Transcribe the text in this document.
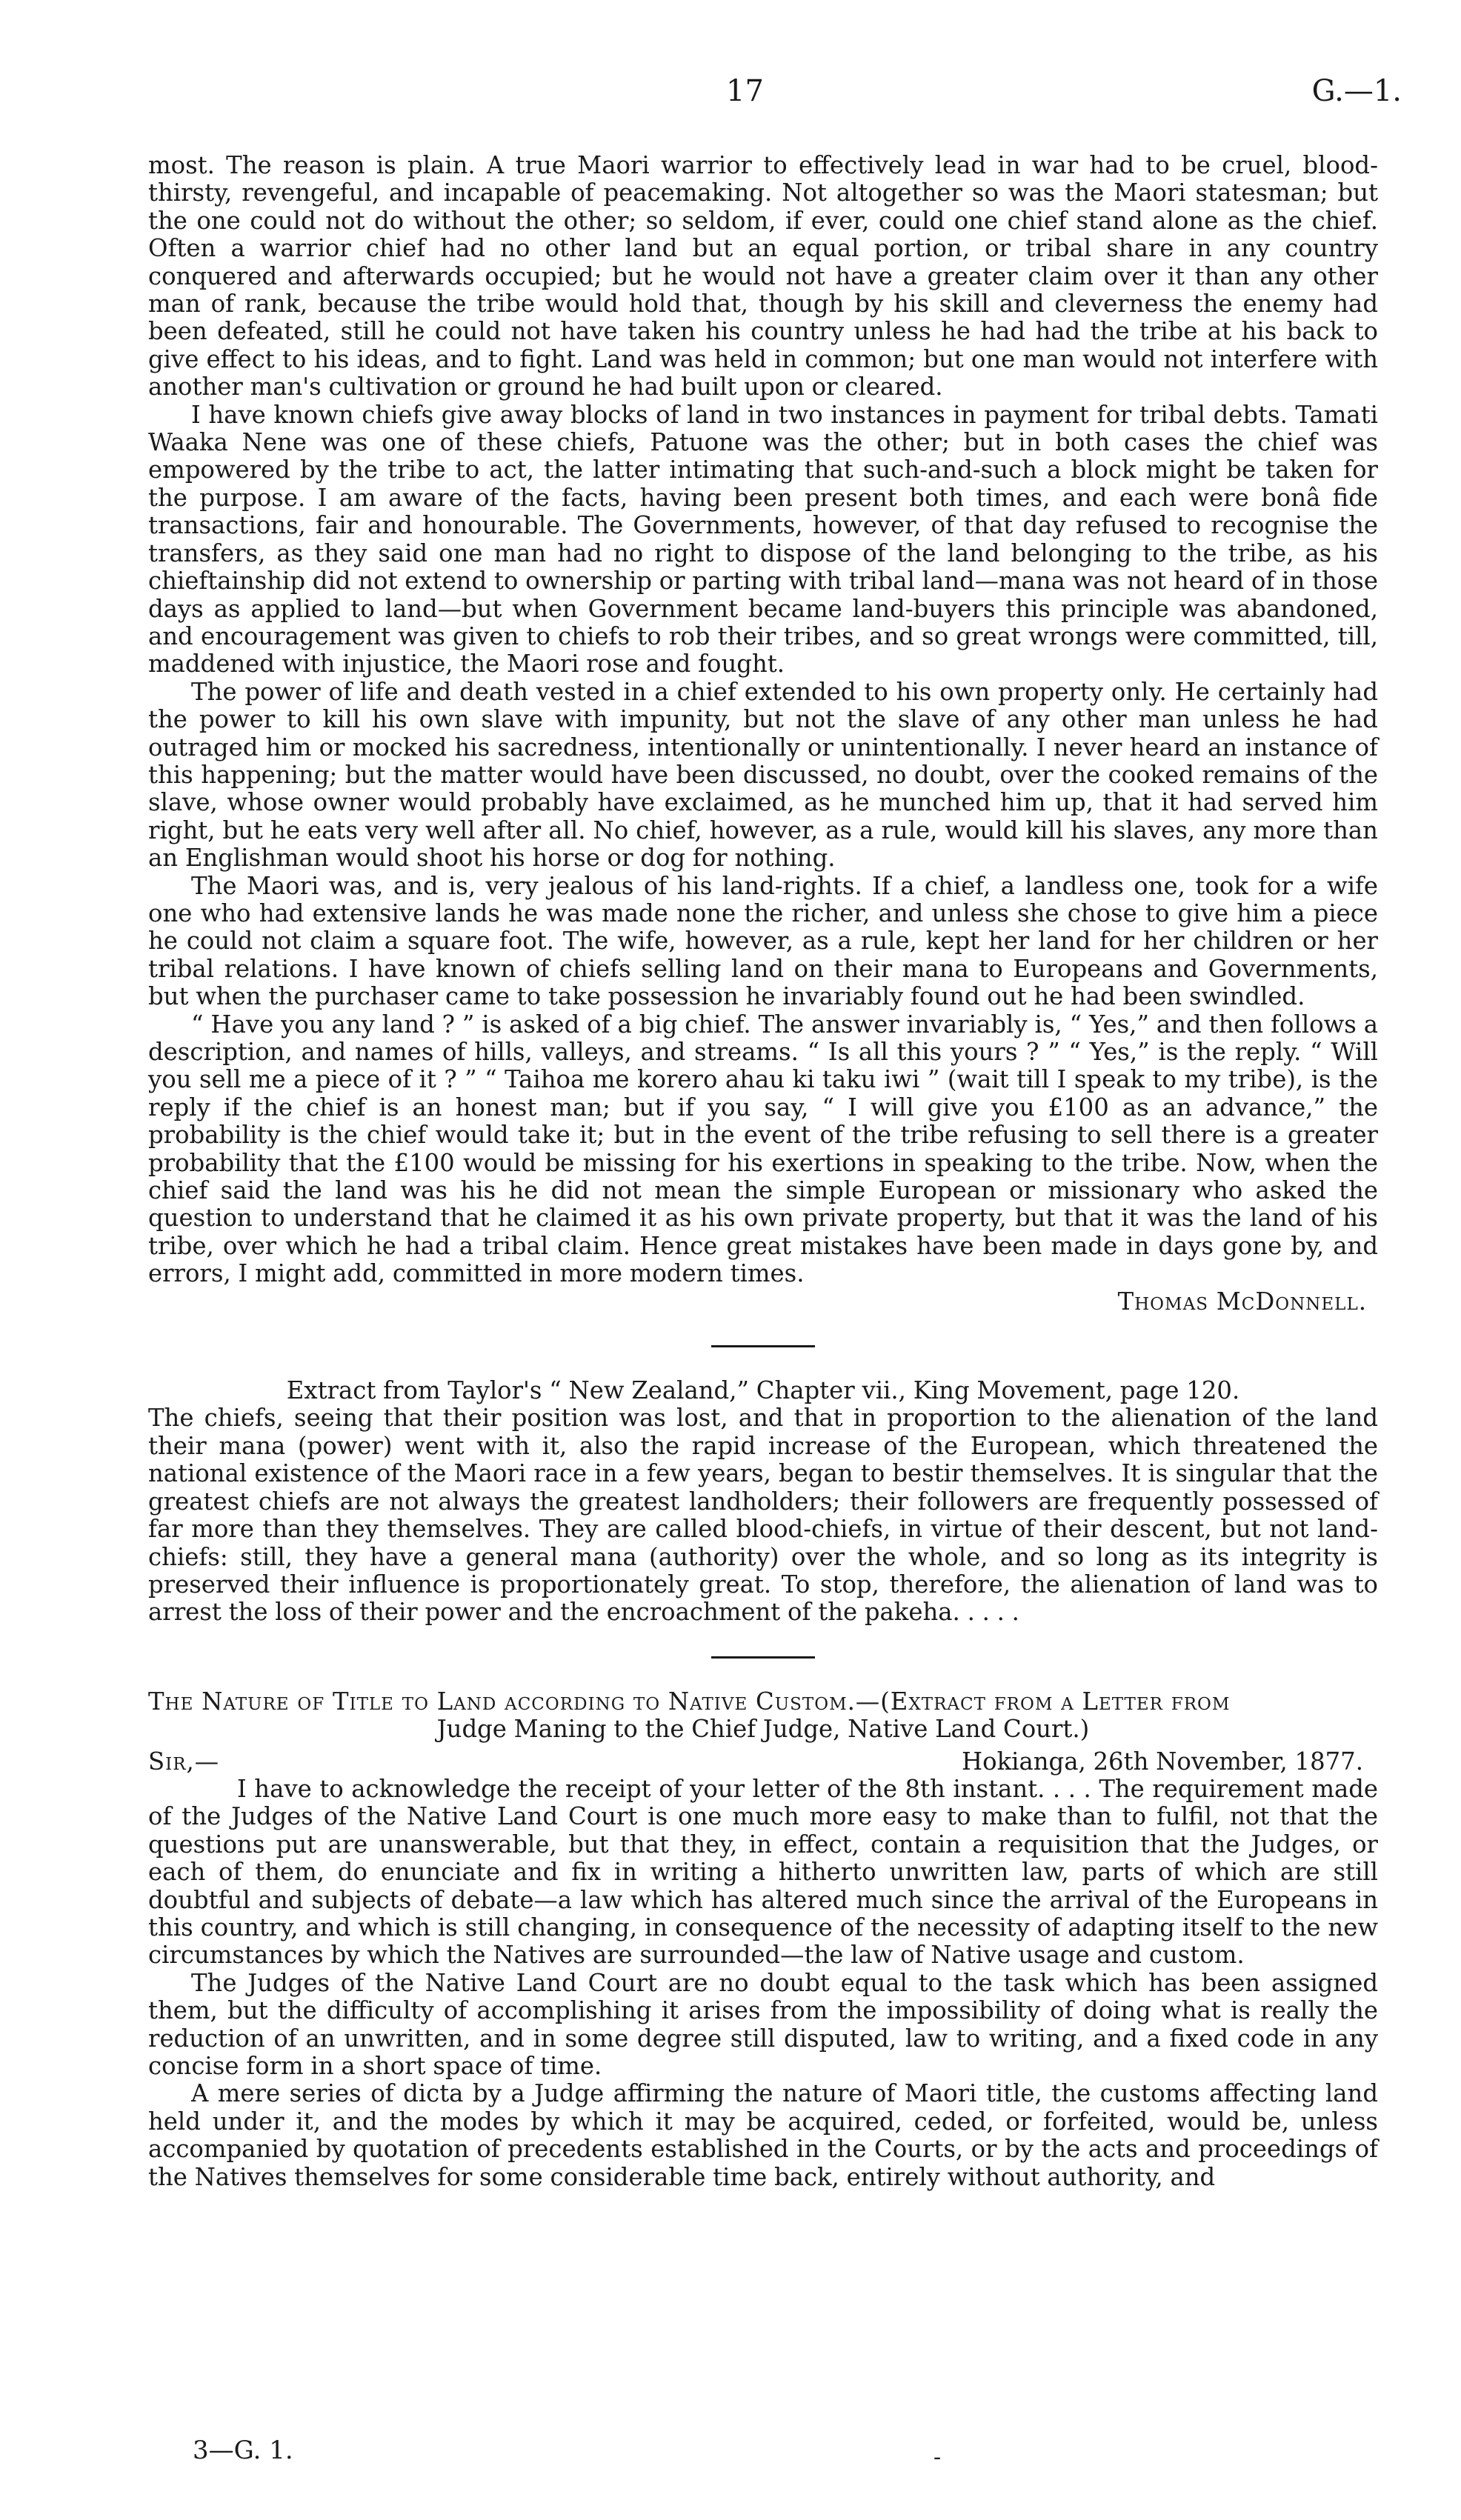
17	G.—1.

most. The reason is plain. A true Maori warrior to effectively lead in war had to be cruel, blood-thirsty, revengeful, and incapable of peacemaking. Not altogether so was the Maori statesman; but the one could not do without the other; so seldom, if ever, could one chief stand alone as the chief. Often a warrior chief had no other land but an equal portion, or tribal share in any country conquered and afterwards occupied; but he would not have a greater claim over it than any other man of rank, because the tribe would hold that, though by his skill and cleverness the enemy had been defeated, still he could not have taken his country unless he had had the tribe at his back to give effect to his ideas, and to fight. Land was held in common; but one man would not interfere with another man's cultivation or ground he had built upon or cleared.

I have known chiefs give away blocks of land in two instances in payment for tribal debts. Tamati Waaka Nene was one of these chiefs, Patuone was the other; but in both cases the chief was empowered by the tribe to act, the latter intimating that such-and-such a block might be taken for the purpose. I am aware of the facts, having been present both times, and each were bonâ fide transactions, fair and honourable. The Governments, however, of that day refused to recognise the transfers, as they said one man had no right to dispose of the land belonging to the tribe, as his chieftainship did not extend to ownership or parting with tribal land—mana was not heard of in those days as applied to land—but when Government became land-buyers this principle was abandoned, and encouragement was given to chiefs to rob their tribes, and so great wrongs were committed, till, maddened with injustice, the Maori rose and fought.

The power of life and death vested in a chief extended to his own property only. He certainly had the power to kill his own slave with impunity, but not the slave of any other man unless he had outraged him or mocked his sacredness, intentionally or unintentionally. I never heard an instance of this happening; but the matter would have been discussed, no doubt, over the cooked remains of the slave, whose owner would probably have exclaimed, as he munched him up, that it had served him right, but he eats very well after all. No chief, however, as a rule, would kill his slaves, any more than an Englishman would shoot his horse or dog for nothing.

The Maori was, and is, very jealous of his land-rights. If a chief, a landless one, took for a wife one who had extensive lands he was made none the richer, and unless she chose to give him a piece he could not claim a square foot. The wife, however, as a rule, kept her land for her children or her tribal relations. I have known of chiefs selling land on their mana to Europeans and Governments, but when the purchaser came to take possession he invariably found out he had been swindled.

“ Have you any land ? ” is asked of a big chief. The answer invariably is, “ Yes,” and then follows a description, and names of hills, valleys, and streams. “ Is all this yours ? ” “ Yes,” is the reply. “ Will you sell me a piece of it ? ” “ Taihoa me korero ahau ki taku iwi ” (wait till I speak to my tribe), is the reply if the chief is an honest man; but if you say, “ I will give you £100 as an advance,” the probability is the chief would take it; but in the event of the tribe refusing to sell there is a greater probability that the £100 would be missing for his exertions in speaking to the tribe. Now, when the chief said the land was his he did not mean the simple European or missionary who asked the question to understand that he claimed it as his own private property, but that it was the land of his tribe, over which he had a tribal claim. Hence great mistakes have been made in days gone by, and errors, I might add, committed in more modern times.

Thomas McDonnell.

Extract from Taylor's “ New Zealand,” Chapter vii., King Movement, page 120.

The chiefs, seeing that their position was lost, and that in proportion to the alienation of the land their mana (power) went with it, also the rapid increase of the European, which threatened the national existence of the Maori race in a few years, began to bestir themselves. It is singular that the greatest chiefs are not always the greatest landholders; their followers are frequently possessed of far more than they themselves. They are called blood-chiefs, in virtue of their descent, but not land-chiefs: still, they have a general mana (authority) over the whole, and so long as its integrity is preserved their influence is proportionately great. To stop, therefore, the alienation of land was to arrest the loss of their power and the encroachment of the pakeha. . . . .

The Nature of Title to Land according to Native Custom.—(Extract from a Letter from
Judge Maning to the Chief Judge, Native Land Court.)

Sir,—	Hokianga, 26th November, 1877.

I have to acknowledge the receipt of your letter of the 8th instant. . . . The requirement made of the Judges of the Native Land Court is one much more easy to make than to fulfil, not that the questions put are unanswerable, but that they, in effect, contain a requisition that the Judges, or each of them, do enunciate and fix in writing a hitherto unwritten law, parts of which are still doubtful and subjects of debate—a law which has altered much since the arrival of the Europeans in this country, and which is still changing, in consequence of the necessity of adapting itself to the new circumstances by which the Natives are surrounded—the law of Native usage and custom.

The Judges of the Native Land Court are no doubt equal to the task which has been assigned them, but the difficulty of accomplishing it arises from the impossibility of doing what is really the reduction of an unwritten, and in some degree still disputed, law to writing, and a fixed code in any concise form in a short space of time.

A mere series of dicta by a Judge affirming the nature of Maori title, the customs affecting land held under it, and the modes by which it may be acquired, ceded, or forfeited, would be, unless accompanied by quotation of precedents established in the Courts, or by the acts and proceedings of the Natives themselves for some considerable time back, entirely without authority, and

3—G. 1.	-
